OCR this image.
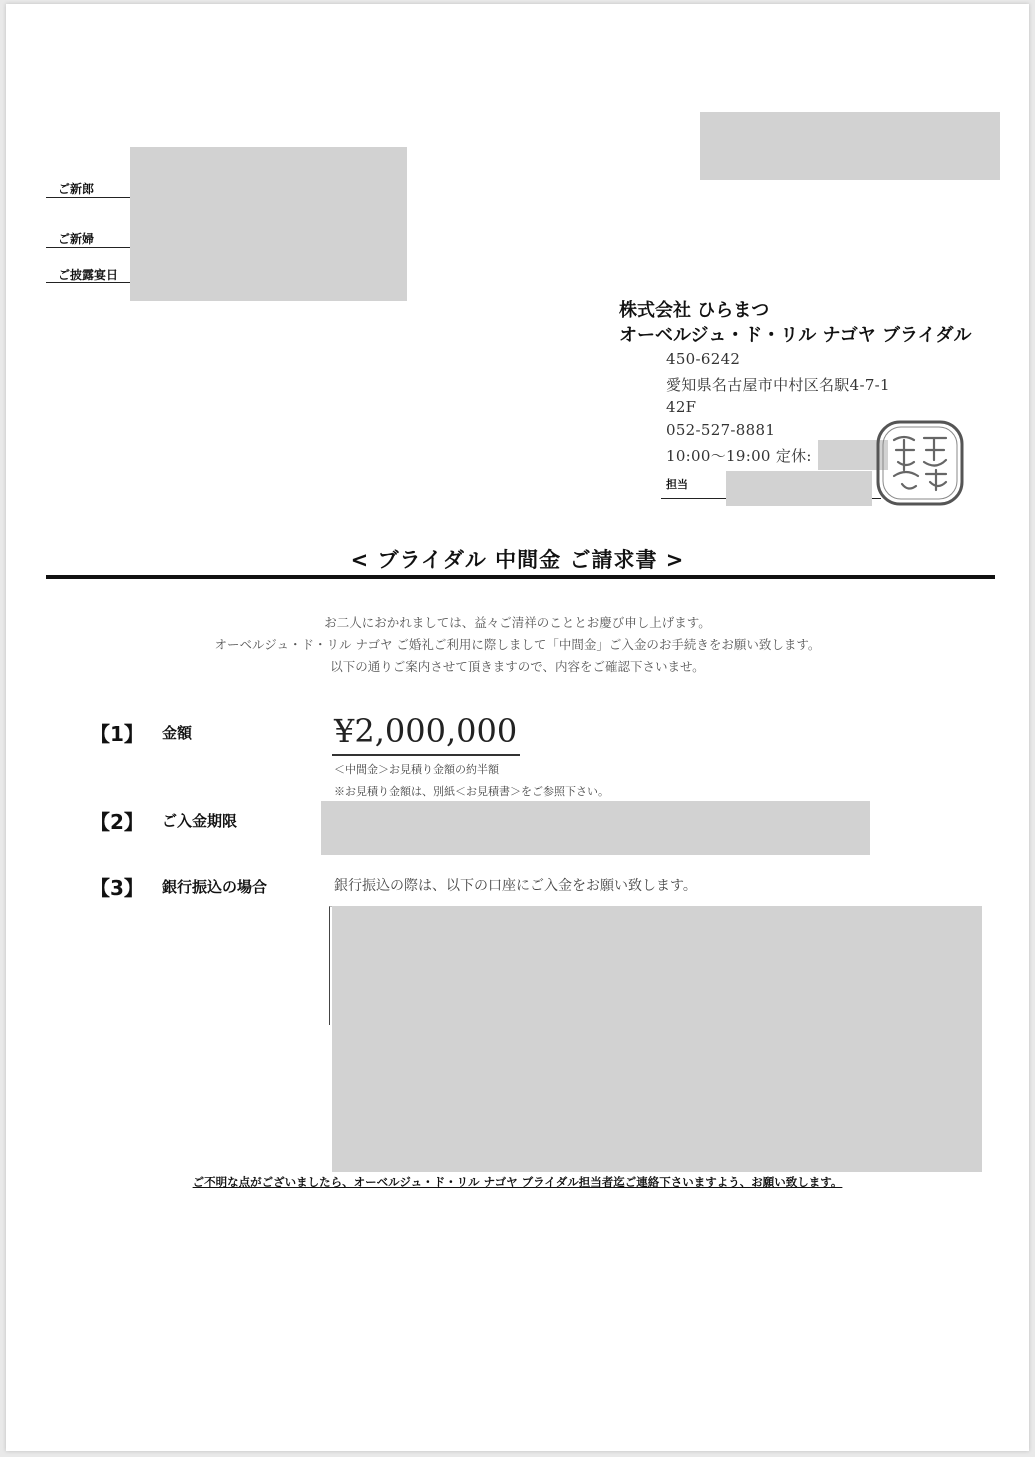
ご新郎
ご新婦
ご披露宴日
株式会社 ひらまつ
オーベルジュ・ド・リル ナゴヤ ブライダル
450-6242
愛知県名古屋市中村区名駅4-7-1
42F
052-527-8881
10:00〜19:00 定休:
担当
< ブライダル 中間金 ご請求書 >
お二人におかれましては、益々ご清祥のこととお慶び申し上げます。
オーベルジュ・ド・リル ナゴヤ ご婚礼ご利用に際しまして「中間金」ご入金のお手続きをお願い致します。
以下の通りご案内させて頂きますので、内容をご確認下さいませ。
【1】 金額	¥2,000,000
＜中間金＞お見積り金額の約半額
※お見積り金額は、別紙＜お見積書＞をご参照下さい。
【2】 ご入金期限
【3】 銀行振込の場合	銀行振込の際は、以下の口座にご入金をお願い致します。
ご不明な点がございましたら、オーベルジュ・ド・リル ナゴヤ ブライダル担当者迄ご連絡下さいますよう、お願い致します。
